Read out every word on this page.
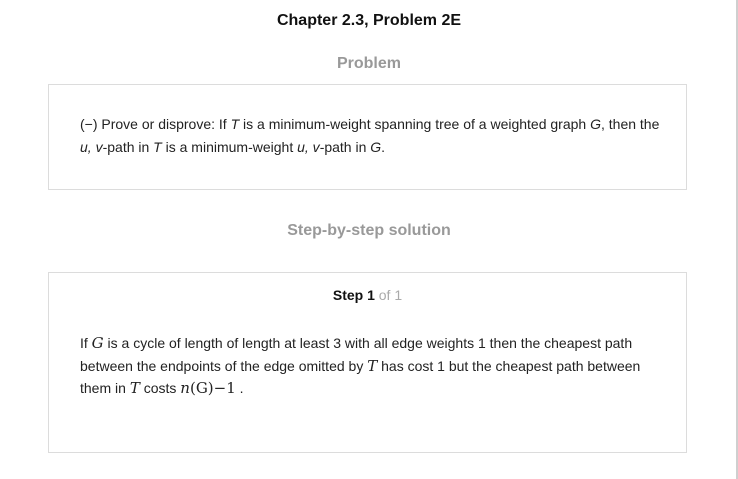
Chapter 2.3, Problem 2E
Problem
(−) Prove or disprove: If T is a minimum-weight spanning tree of a weighted graph G, then the u, v-path in T is a minimum-weight u, v-path in G.
Step-by-step solution
Step 1 of 1
If G is a cycle of length of length at least 3 with all edge weights 1 then the cheapest path between the endpoints of the edge omitted by T has cost 1 but the cheapest path between them in T costs n(G)−1 .
